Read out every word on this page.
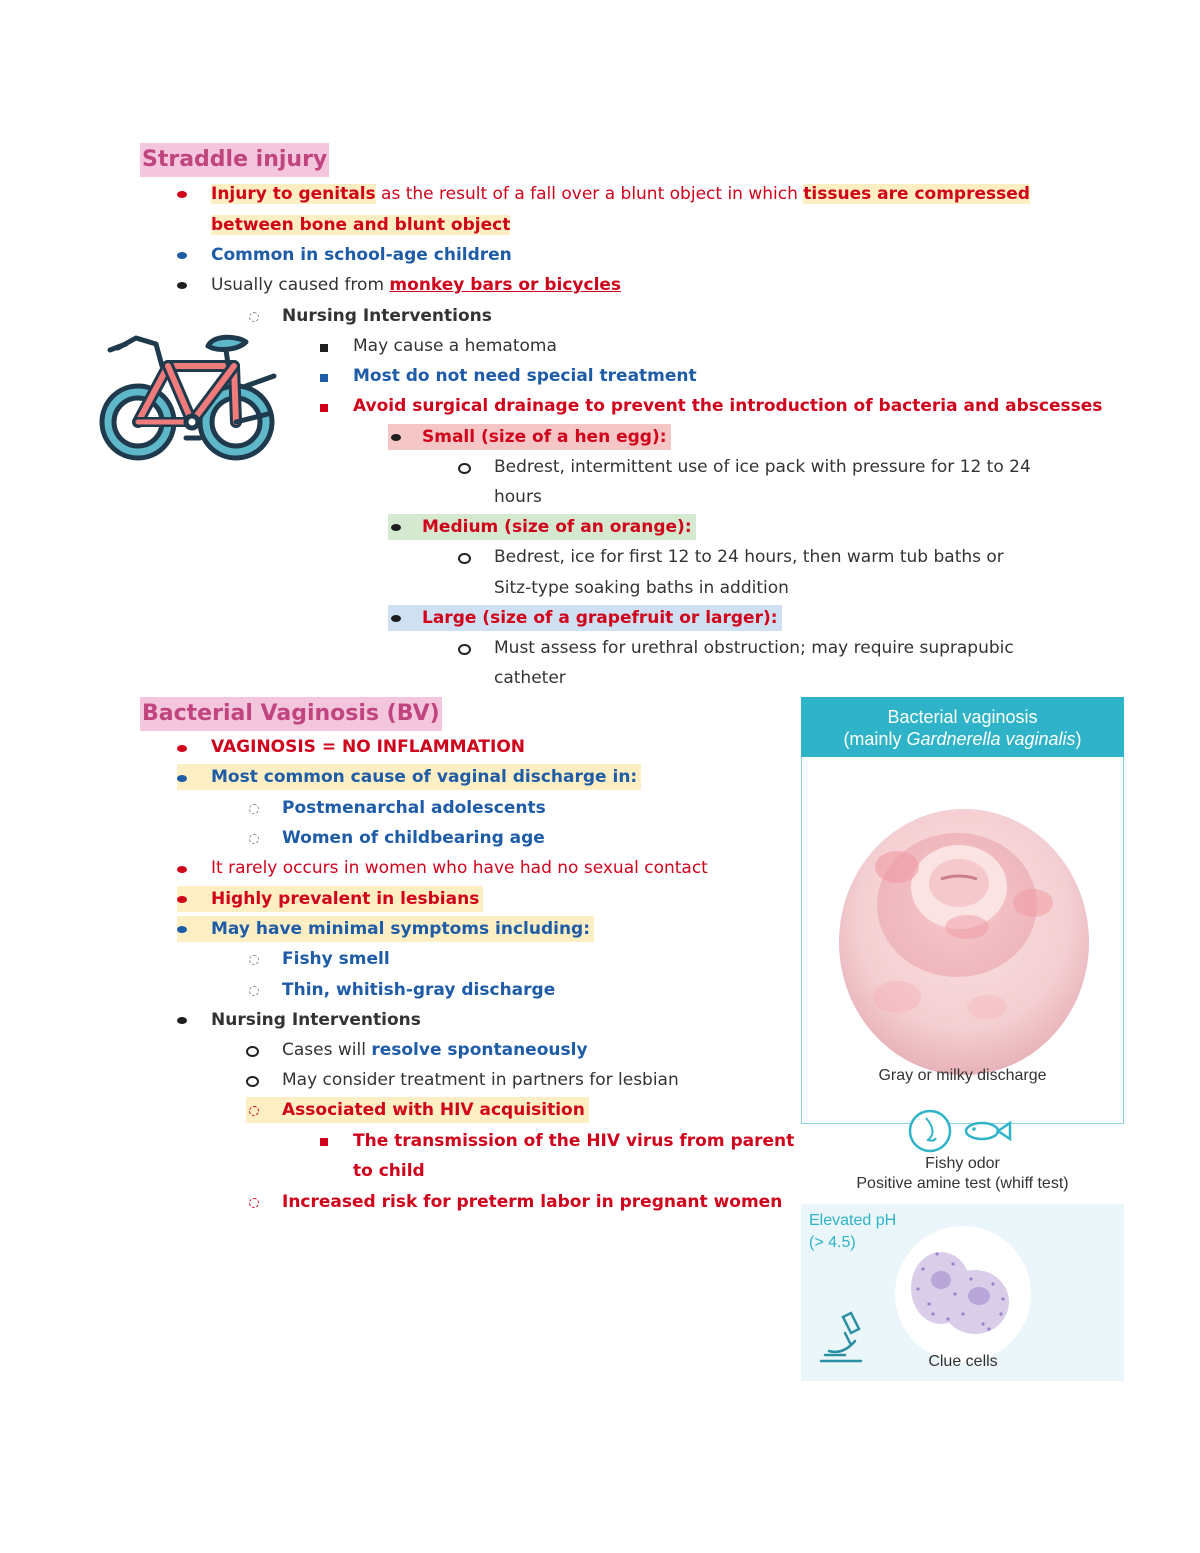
Straddle injury
Injury to genitals as the result of a fall over a blunt object in which tissues are compressed
between bone and blunt object
Common in school-age children
Usually caused from monkey bars or bicycles
Nursing Interventions
May cause a hematoma
Most do not need special treatment
Avoid surgical drainage to prevent the introduction of bacteria and abscesses
Small (size of a hen egg):
Bedrest, intermittent use of ice pack with pressure for 12 to 24
hours
Medium (size of an orange):
Bedrest, ice for first 12 to 24 hours, then warm tub baths or
Sitz-type soaking baths in addition
Large (size of a grapefruit or larger):
Must assess for urethral obstruction; may require suprapubic
catheter
Bacterial Vaginosis (BV)
VAGINOSIS = NO INFLAMMATION
Most common cause of vaginal discharge in:
Postmenarchal adolescents
Women of childbearing age
It rarely occurs in women who have had no sexual contact
Highly prevalent in lesbians
May have minimal symptoms including:
Fishy smell
Thin, whitish-gray discharge
Nursing Interventions
Cases will resolve spontaneously
May consider treatment in partners for lesbian
Associated with HIV acquisition
The transmission of the HIV virus from parent
to child
Increased risk for preterm labor in pregnant women
Bacterial vaginosis
(mainly Gardnerella vaginalis)
Gray or milky discharge
Fishy odor
Positive amine test (whiff test)
Elevated pH
(> 4.5)
Clue cells
